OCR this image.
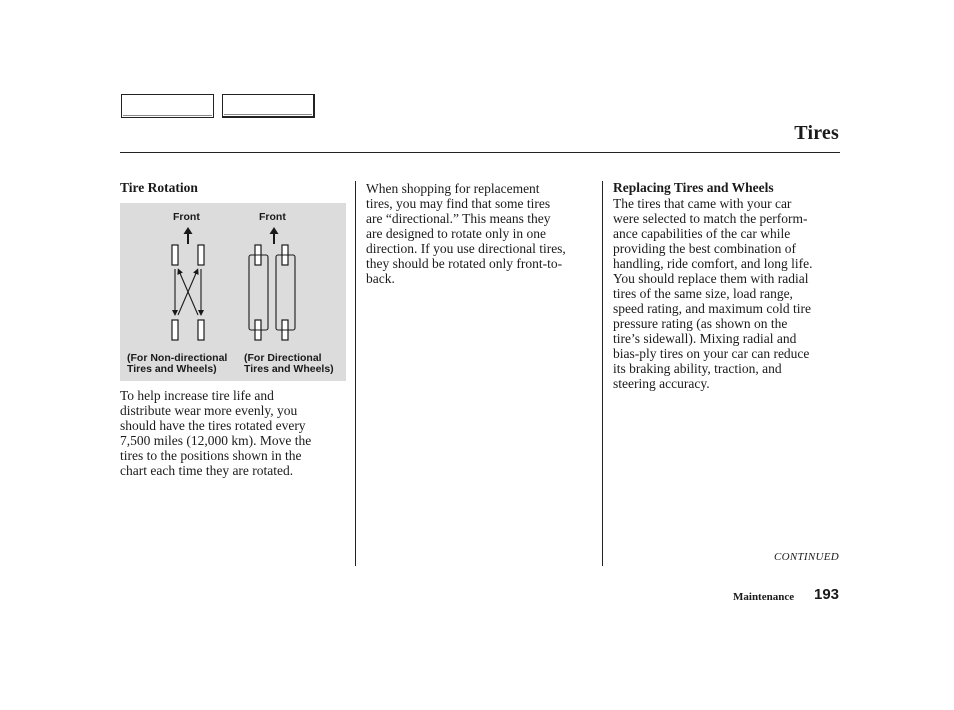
Tires
Tire Rotation
Front	Front
(For Non-directional
Tires and Wheels)
(For Directional
Tires and Wheels)
To help increase tire life and
distribute wear more evenly, you
should have the tires rotated every
7,500 miles (12,000 km). Move the
tires to the positions shown in the
chart each time they are rotated.
When shopping for replacement
tires, you may find that some tires
are “directional.” This means they
are designed to rotate only in one
direction. If you use directional tires,
they should be rotated only front-to-
back.
Replacing Tires and Wheels
The tires that came with your car
were selected to match the perform-
ance capabilities of the car while
providing the best combination of
handling, ride comfort, and long life.
You should replace them with radial
tires of the same size, load range,
speed rating, and maximum cold tire
pressure rating (as shown on the
tire’s sidewall). Mixing radial and
bias-ply tires on your car can reduce
its braking ability, traction, and
steering accuracy.
CONTINUED
Maintenance 193
